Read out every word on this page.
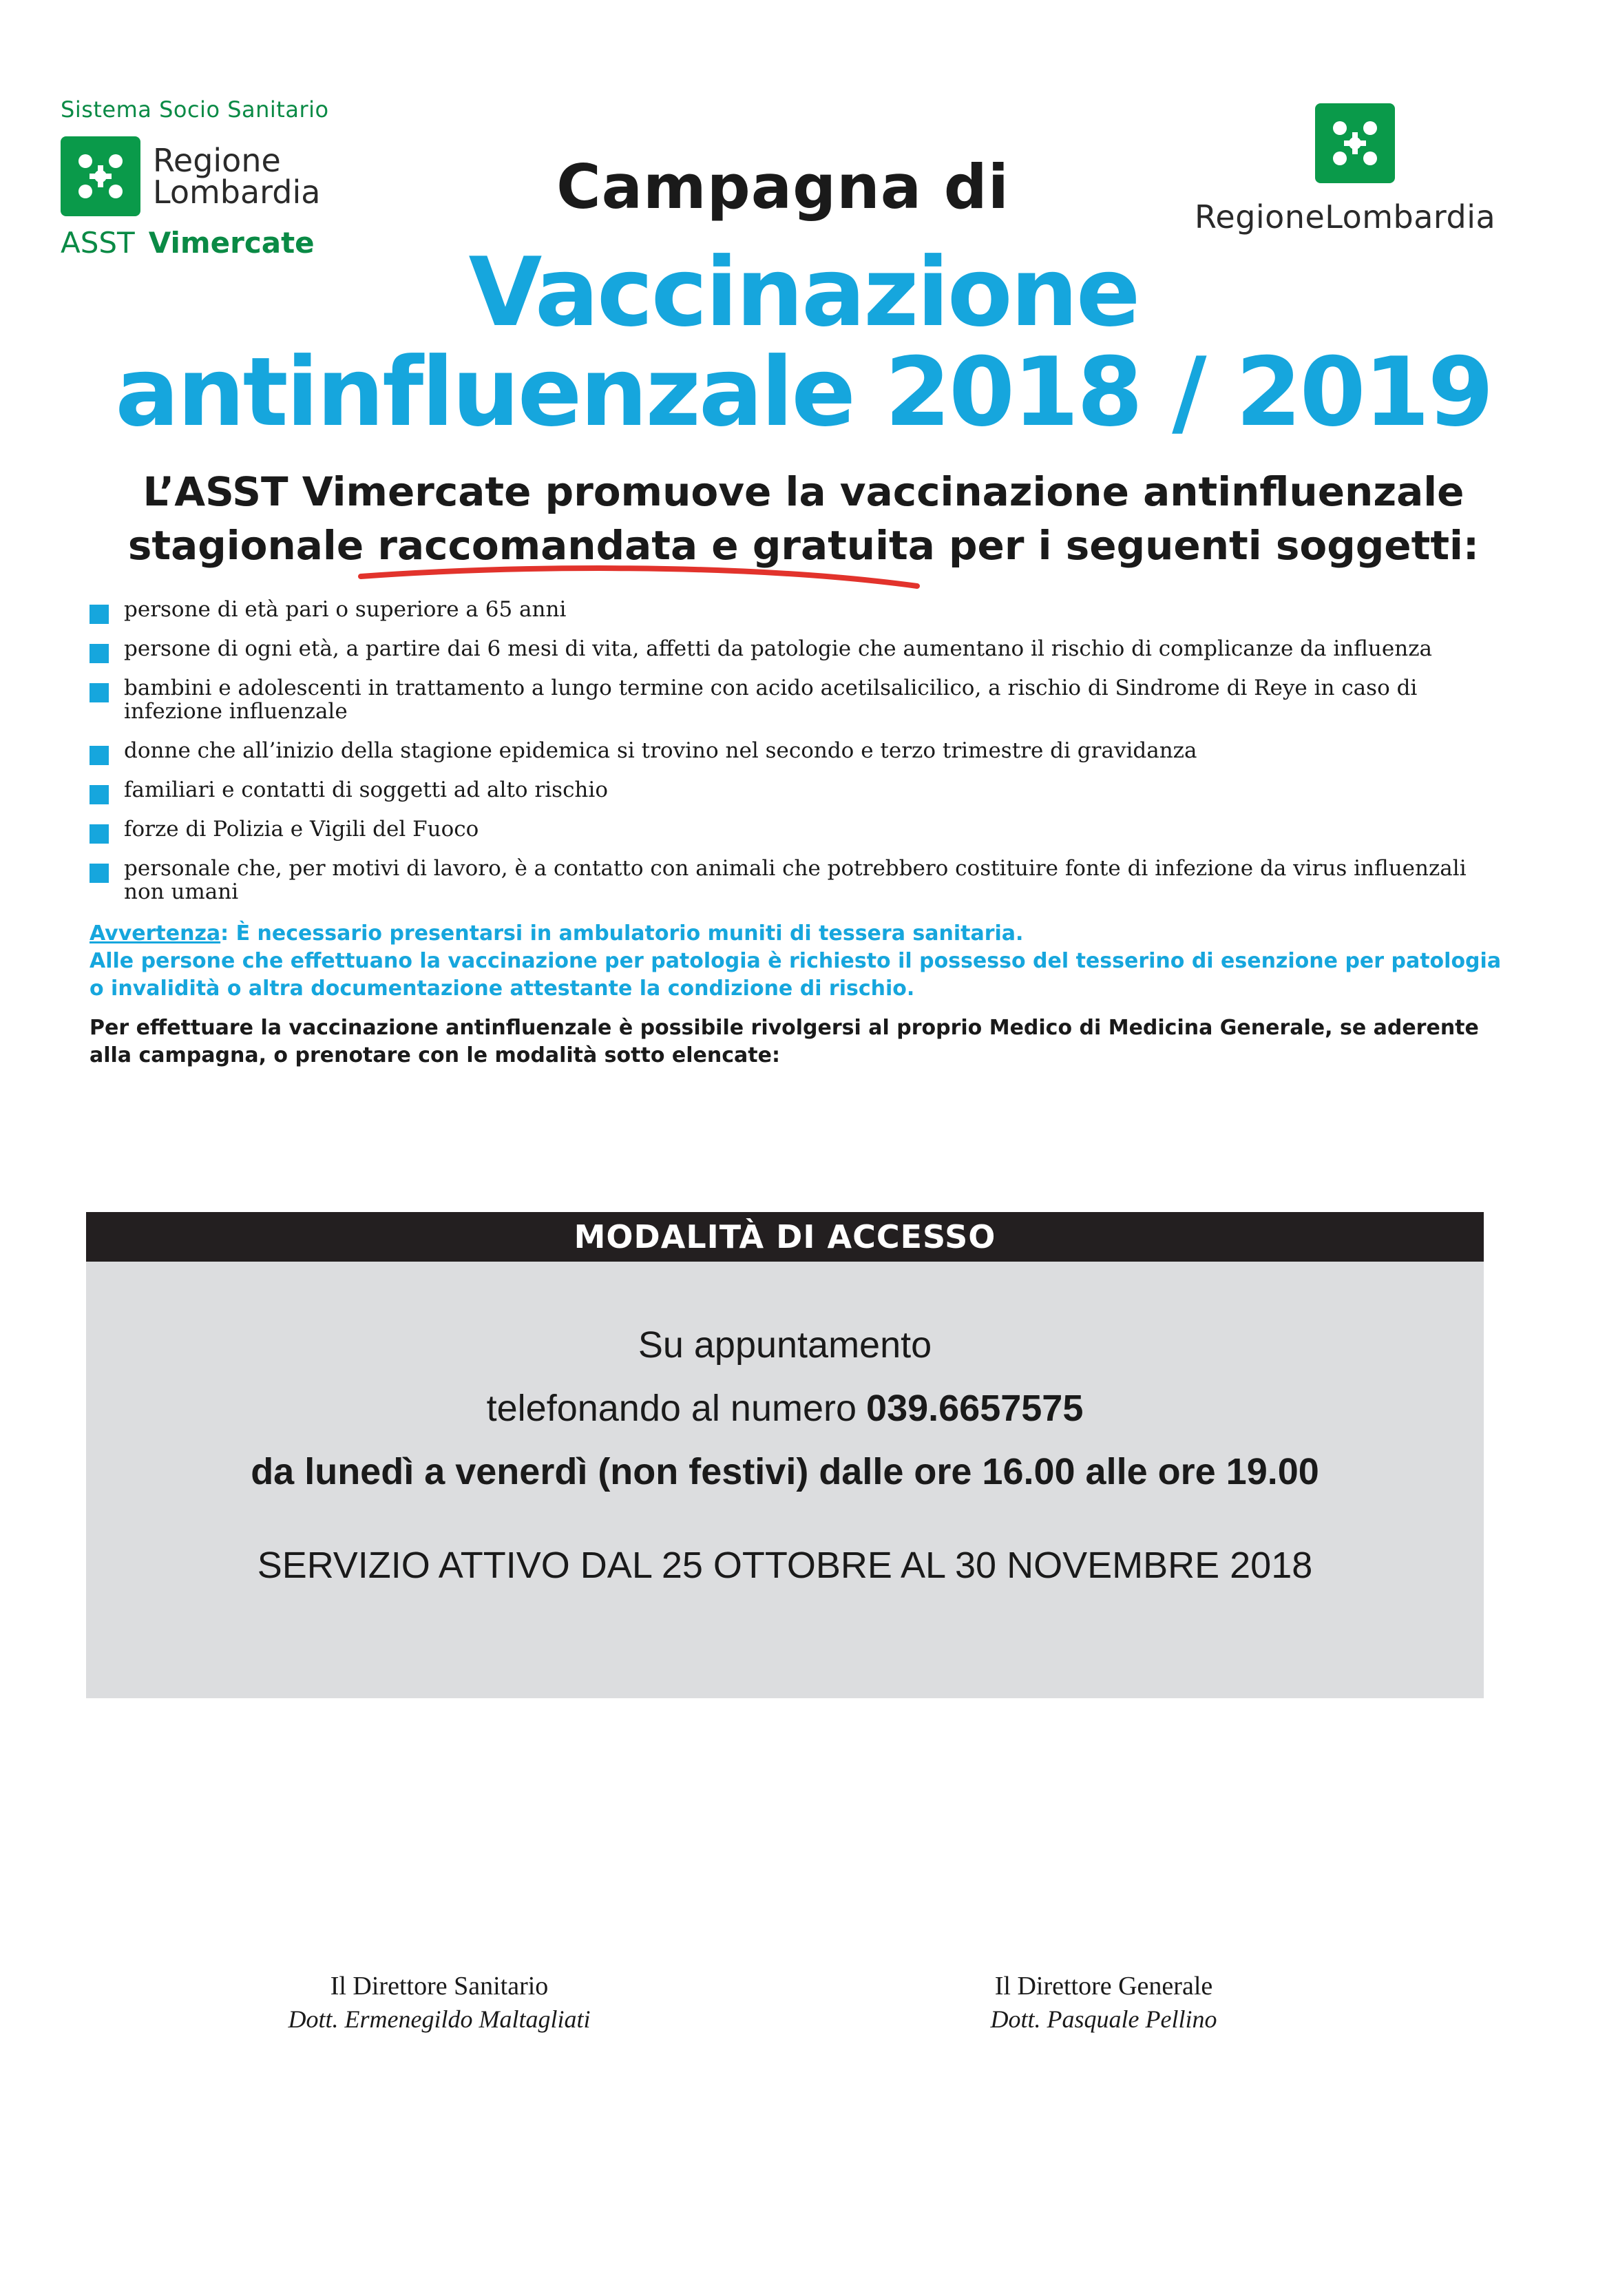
Sistema Socio Sanitario
Regione
Lombardia
ASST Vimercate
RegioneLombardia
Campagna di
Vaccinazione
antinfluenzale 2018 / 2019
L’ASST Vimercate promuove la vaccinazione antinfluenzale
stagionale raccomandata e gratuita per i seguenti soggetti:
persone di età pari o superiore a 65 anni
persone di ogni età, a partire dai 6 mesi di vita, affetti da patologie che aumentano il rischio di complicanze da influenza
bambini e adolescenti in trattamento a lungo termine con acido acetilsalicilico, a rischio di Sindrome di Reye in caso di infezione influenzale
donne che all’inizio della stagione epidemica si trovino nel secondo e terzo trimestre di gravidanza
familiari e contatti di soggetti ad alto rischio
forze di Polizia e Vigili del Fuoco
personale che, per motivi di lavoro, è a contatto con animali che potrebbero costituire fonte di infezione da virus influenzali non umani
Avvertenza: È necessario presentarsi in ambulatorio muniti di tessera sanitaria.
Alle persone che effettuano la vaccinazione per patologia è richiesto il possesso del tesserino di esenzione per patologia o invalidità o altra documentazione attestante la condizione di rischio.
Per effettuare la vaccinazione antinfluenzale è possibile rivolgersi al proprio Medico di Medicina Generale, se aderente alla campagna, o prenotare con le modalità sotto elencate:
MODALITÀ DI ACCESSO
Su appuntamento
telefonando al numero 039.6657575
da lunedì a venerdì (non festivi) dalle ore 16.00 alle ore 19.00
SERVIZIO ATTIVO DAL 25 OTTOBRE AL 30 NOVEMBRE 2018
Il Direttore Sanitario
Dott. Ermenegildo Maltagliati
Il Direttore Generale
Dott. Pasquale Pellino
